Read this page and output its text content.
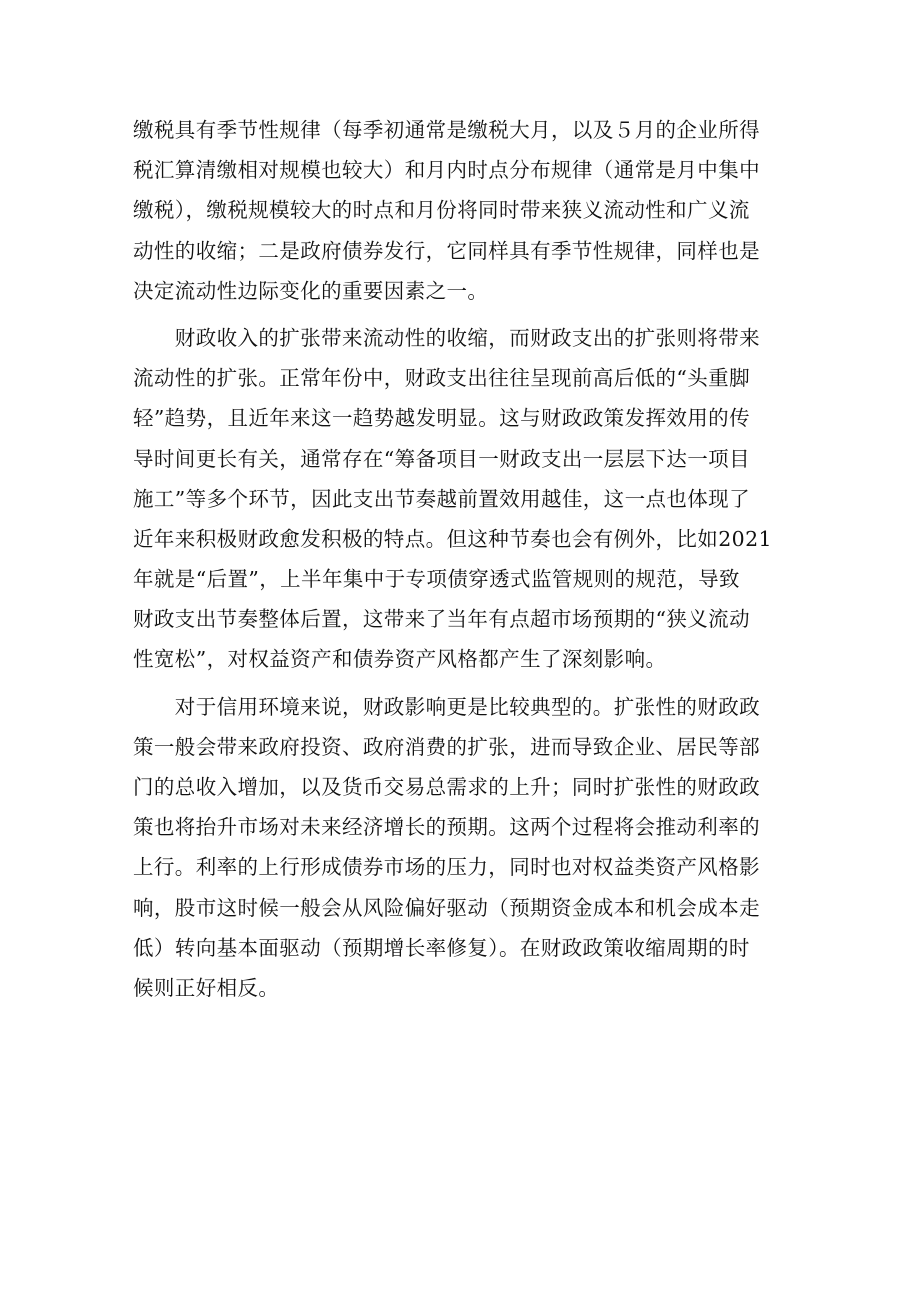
缴税具有季节性规律（每季初通常是缴税大月，以及５月的企业所得
税汇算清缴相对规模也较大）和月内时点分布规律（通常是月中集中
缴税），缴税规模较大的时点和月份将同时带来狭义流动性和广义流
动性的收缩；二是政府债券发行，它同样具有季节性规律，同样也是
决定流动性边际变化的重要因素之一。
　　财政收入的扩张带来流动性的收缩，而财政支出的扩张则将带来
流动性的扩张。正常年份中，财政支出往往呈现前高后低的“头重脚
轻”趋势，且近年来这一趋势越发明显。这与财政政策发挥效用的传
导时间更长有关，通常存在“筹备项目一财政支出一层层下达一项目
施工”等多个环节，因此支出节奏越前置效用越佳，这一点也体现了
近年来积极财政愈发积极的特点。但这种节奏也会有例外，比如2021
年就是“后置”，上半年集中于专项债穿透式监管规则的规范，导致
财政支出节奏整体后置，这带来了当年有点超市场预期的“狭义流动
性宽松”，对权益资产和债券资产风格都产生了深刻影响。
　　对于信用环境来说，财政影响更是比较典型的。扩张性的财政政
策一般会带来政府投资、政府消费的扩张，进而导致企业、居民等部
门的总收入增加，以及货币交易总需求的上升；同时扩张性的财政政
策也将抬升市场对未来经济增长的预期。这两个过程将会推动利率的
上行。利率的上行形成债券市场的压力，同时也对权益类资产风格影
响，股市这时候一般会从风险偏好驱动（预期资金成本和机会成本走
低）转向基本面驱动（预期增长率修复）。在财政政策收缩周期的时
候则正好相反。
